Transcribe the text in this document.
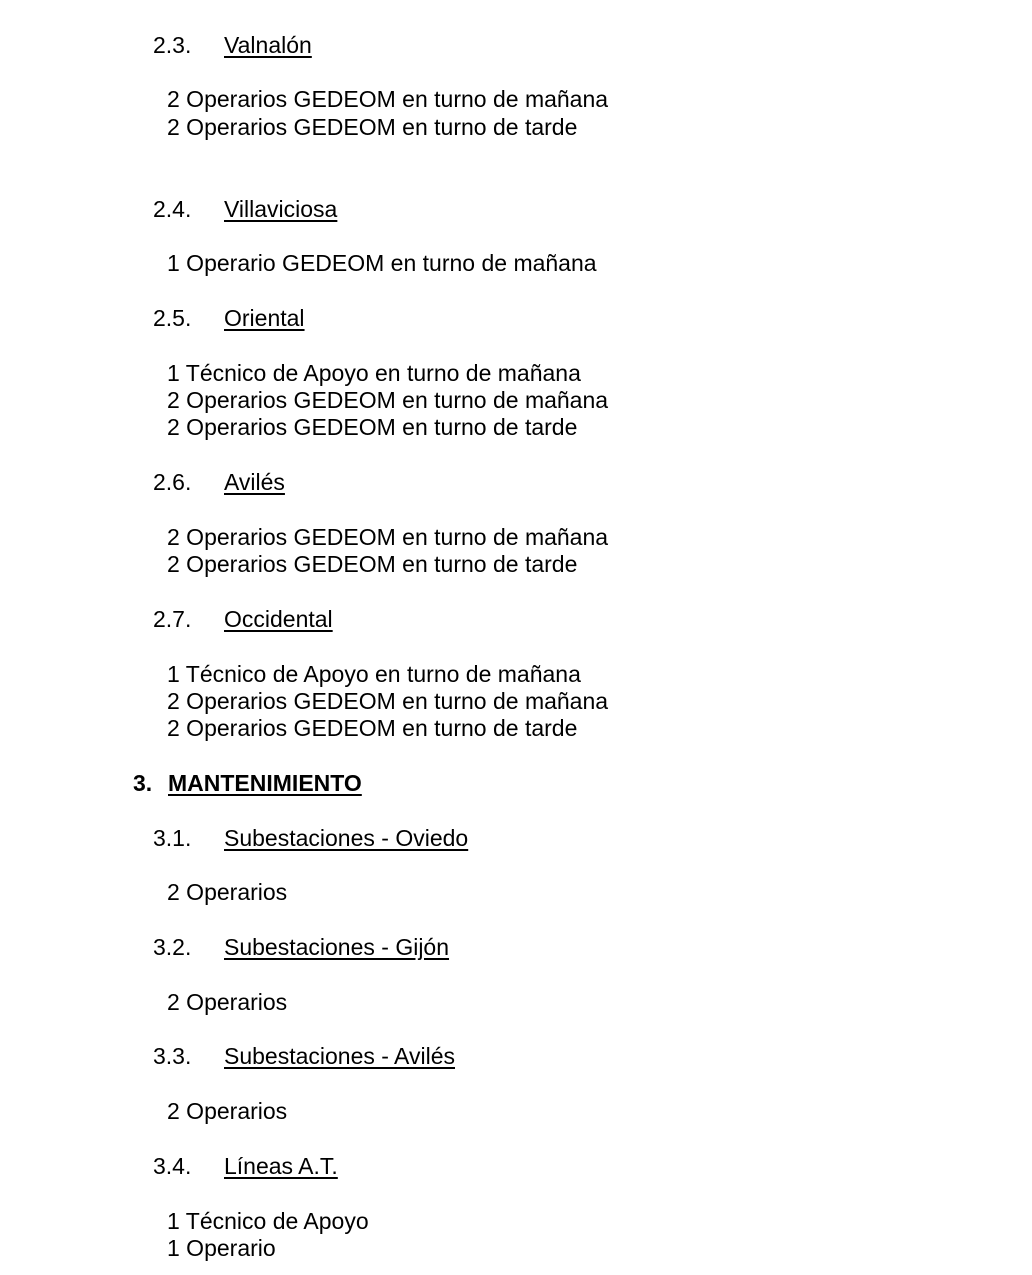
2.3. Valnalón
2 Operarios GEDEOM en turno de mañana
2 Operarios GEDEOM en turno de tarde
2.4. Villaviciosa
1 Operario GEDEOM en turno de mañana
2.5. Oriental
1 Técnico de Apoyo en turno de mañana
2 Operarios GEDEOM en turno de mañana
2 Operarios GEDEOM en turno de tarde
2.6. Avilés
2 Operarios GEDEOM en turno de mañana
2 Operarios GEDEOM en turno de tarde
2.7. Occidental
1 Técnico de Apoyo en turno de mañana
2 Operarios GEDEOM en turno de mañana
2 Operarios GEDEOM en turno de tarde
3. MANTENIMIENTO
3.1. Subestaciones - Oviedo
2 Operarios
3.2. Subestaciones - Gijón
2 Operarios
3.3. Subestaciones - Avilés
2 Operarios
3.4. Líneas A.T.
1 Técnico de Apoyo
1 Operario
